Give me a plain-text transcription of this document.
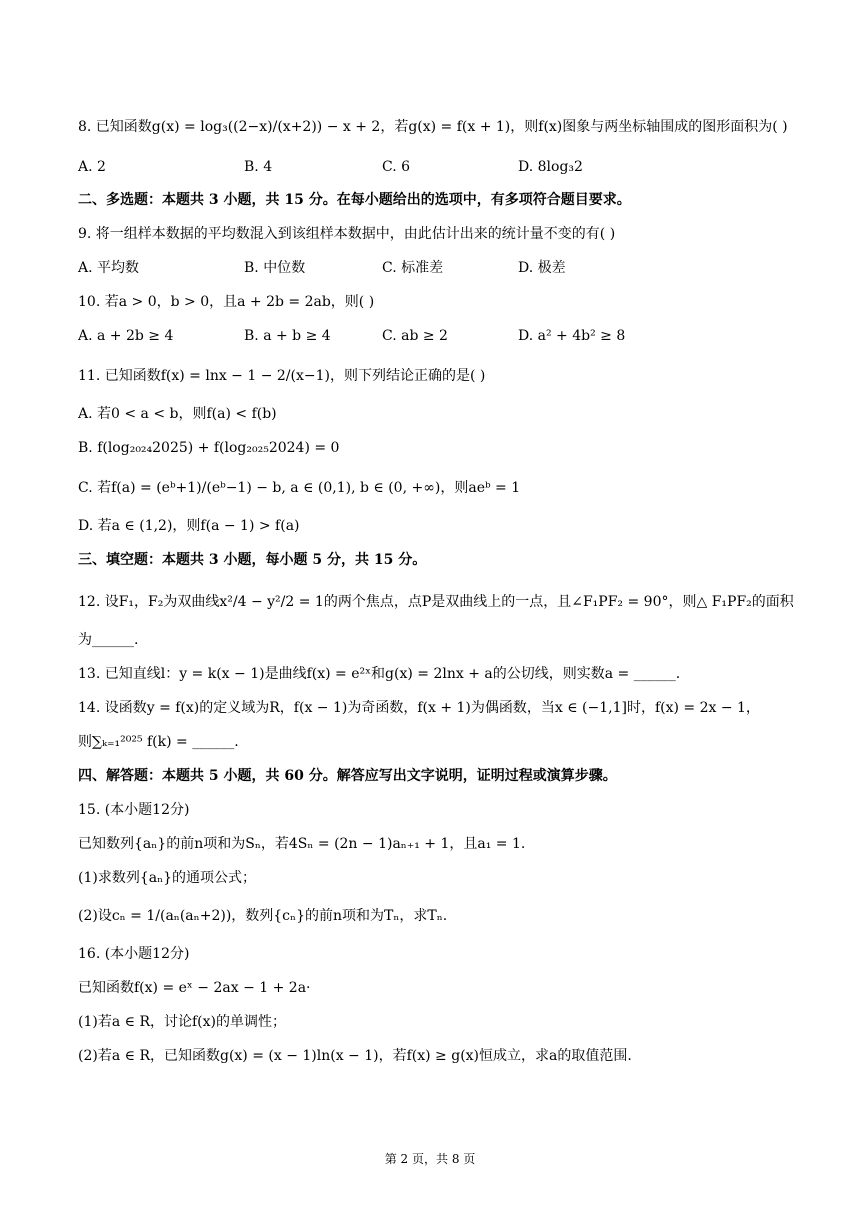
8. 已知函数g(x) = log₃((2−x)/(x+2)) − x + 2，若g(x) = f(x + 1)，则f(x)图象与两坐标轴围成的图形面积为( )
A. 2	B. 4	C. 6	D. 8log₃2
二、多选题：本题共 3 小题，共 15 分。在每小题给出的选项中，有多项符合题目要求。
9. 将一组样本数据的平均数混入到该组样本数据中，由此估计出来的统计量不变的有( )
A. 平均数	B. 中位数	C. 标准差	D. 极差
10. 若a > 0，b > 0，且a + 2b = 2ab，则( )
A. a + 2b ≥ 4	B. a + b ≥ 4	C. ab ≥ 2	D. a² + 4b² ≥ 8
11. 已知函数f(x) = lnx − 1 − 2/(x−1)，则下列结论正确的是( )
A. 若0 < a < b，则f(a) < f(b)
B. f(log₂₀₂₄2025) + f(log₂₀₂₅2024) = 0
C. 若f(a) = (eᵇ+1)/(eᵇ−1) − b, a ∈ (0,1), b ∈ (0, +∞)，则aeᵇ = 1
D. 若a ∈ (1,2)，则f(a − 1) > f(a)
三、填空题：本题共 3 小题，每小题 5 分，共 15 分。
12. 设F₁，F₂为双曲线x²/4 − y²/2 = 1的两个焦点，点P是双曲线上的一点，且∠F₁PF₂ = 90°，则△ F₁PF₂的面积
为______.
13. 已知直线l：y = k(x − 1)是曲线f(x) = e²ˣ和g(x) = 2lnx + a的公切线，则实数a = ______.
14. 设函数y = f(x)的定义域为R，f(x − 1)为奇函数，f(x + 1)为偶函数，当x ∈ (−1,1]时，f(x) = 2x − 1，
则∑ₖ₌₁²⁰²⁵ f(k) = ______.
四、解答题：本题共 5 小题，共 60 分。解答应写出文字说明，证明过程或演算步骤。
15. (本小题12分)
已知数列{aₙ}的前n项和为Sₙ，若4Sₙ = (2n − 1)aₙ₊₁ + 1，且a₁ = 1.
(1)求数列{aₙ}的通项公式；
(2)设cₙ = 1/(aₙ(aₙ+2))，数列{cₙ}的前n项和为Tₙ，求Tₙ.
16. (本小题12分)
已知函数f(x) = eˣ − 2ax − 1 + 2a·
(1)若a ∈ R，讨论f(x)的单调性；
(2)若a ∈ R，已知函数g(x) = (x − 1)ln(x − 1)，若f(x) ≥ g(x)恒成立，求a的取值范围.
第 2 页，共 8 页
